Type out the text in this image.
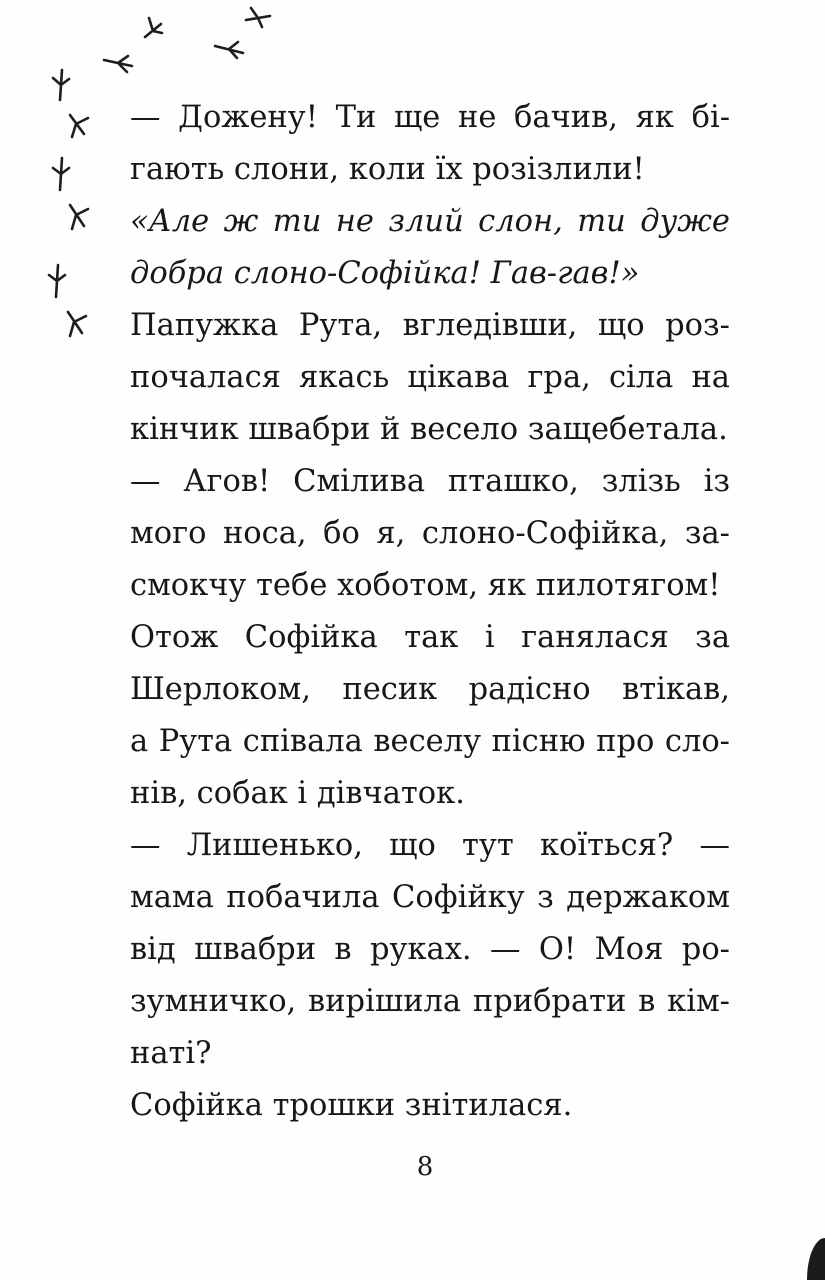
— Дожену! Ти ще не бачив, як бі-
гають слони, коли їх розізлили!
«Але ж ти не злий слон, ти дуже
добра слоно-Софійка! Гав-гав!»
Папужка Рута, вгледівши, що роз-
почалася якась цікава гра, сіла на
кінчик швабри й весело защебетала.
— Агов! Смілива пташко, злізь із
мого носа, бо я, слоно-Софійка, за-
смокчу тебе хоботом, як пилотягом!
Отож Софійка так і ганялася за
Шерлоком, песик радісно втікав,
а Рута співала веселу пісню про сло-
нів, собак і дівчаток.
— Лишенько, що тут коїться? —
мама побачила Софійку з держаком
від швабри в руках. — О! Моя ро-
зумничко, вирішила прибрати в кім-
наті?
Софійка трошки знітилася.
8
